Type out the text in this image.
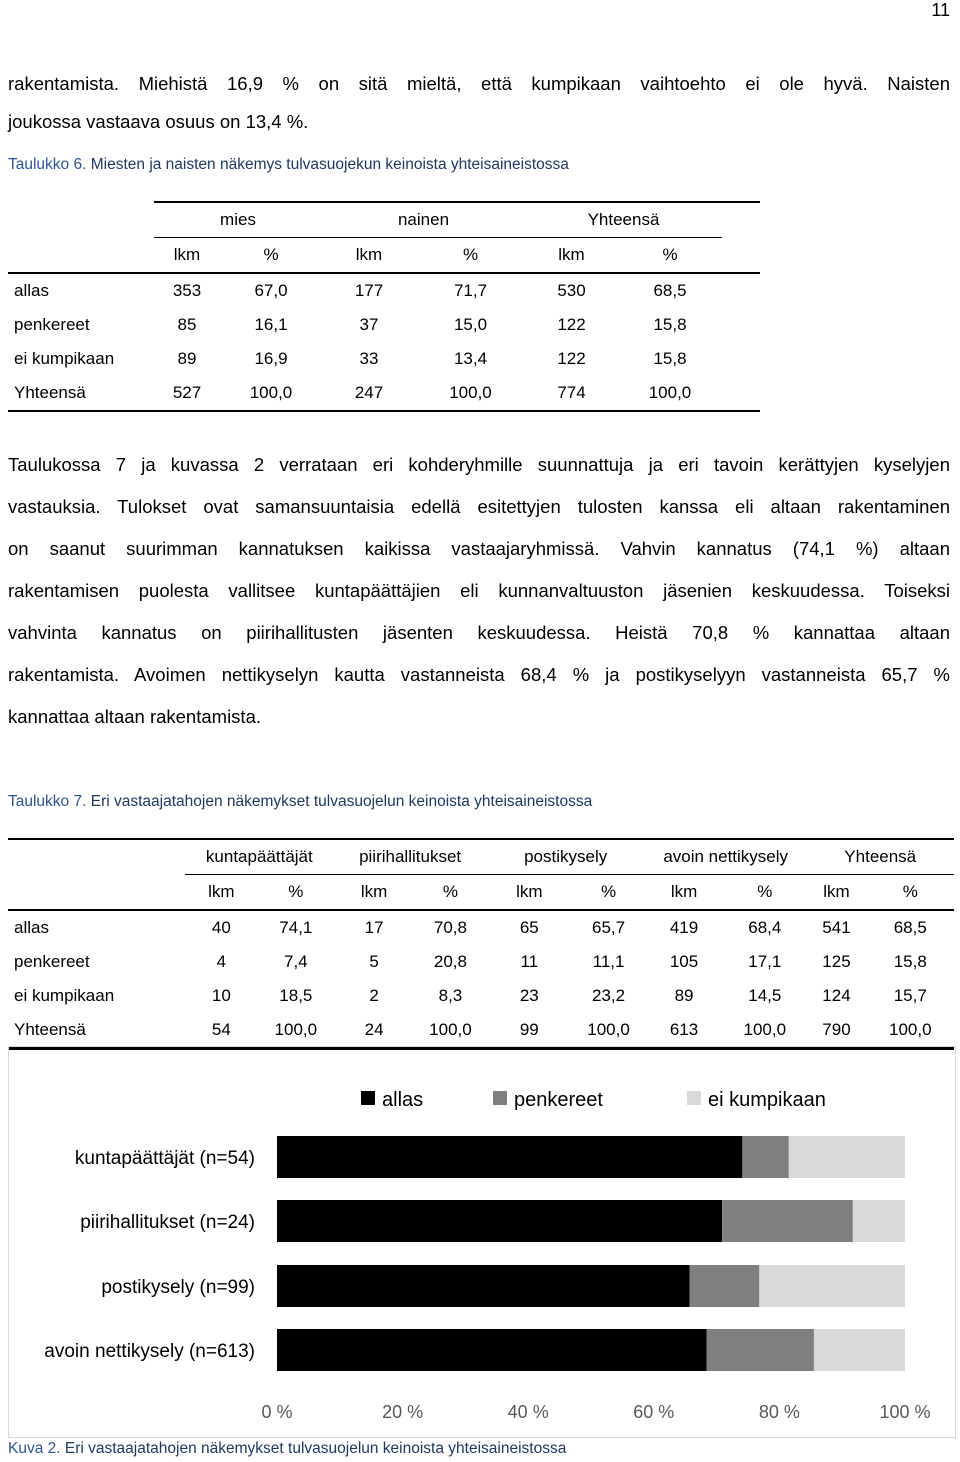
11

rakentamista. Miehistä 16,9 % on sitä mieltä, että kumpikaan vaihtoehto ei ole hyvä. Naisten

joukossa vastaava osuus on 13,4 %.

Taulukko 6. Miesten ja naisten näkemys tulvasuojekun keinoista yhteisaineistossa
	mies		nainen		Yhteensä		
	lkm	%	lkm	%	lkm	%	
allas	353	67,0	177	71,7	530	68,5	
penkereet	85	16,1	37	15,0	122	15,8	
ei kumpikaan	89	16,9	33	13,4	122	15,8	
Yhteensä	527	100,0	247	100,0	774	100,0	

Taulukossa 7 ja kuvassa 2 verrataan eri kohderyhmille suunnattuja ja eri tavoin kerättyjen kyselyjen

vastauksia. Tulokset ovat samansuuntaisia edellä esitettyjen tulosten kanssa eli altaan rakentaminen

on saanut suurimman kannatuksen kaikissa vastaajaryhmissä. Vahvin kannatus (74,1 %) altaan

rakentamisen puolesta vallitsee kuntapäättäjien eli kunnanvaltuuston jäsenien keskuudessa. Toiseksi

vahvinta kannatus on piirihallitusten jäsenten keskuudessa. Heistä 70,8 % kannattaa altaan

rakentamista. Avoimen nettikyselyn kautta vastanneista 68,4 % ja postikyselyyn vastanneista 65,7 %

kannattaa altaan rakentamista.

Taulukko 7. Eri vastaajatahojen näkemykset tulvasuojelun keinoista yhteisaineistossa
		kuntapäättäjät		piirihallitukset		postikysely		avoin nettikysely		Yhteensä	
		lkm	%	lkm	%	lkm	%	lkm	%	lkm	%
allas		40	74,1	17	70,8	65	65,7	419	68,4	541	68,5
penkereet		4	7,4	5	20,8	11	11,1	105	17,1	125	15,8
ei kumpikaan		10	18,5	2	8,3	23	23,2	89	14,5	124	15,7
Yhteensä		54	100,0	24	100,0	99	100,0	613	100,0	790	100,0
allas	penkereet	ei kumpikaan
kuntapäättäjät (n=54)
piirihallitukset (n=24)
postikysely (n=99)
avoin nettikysely (n=613)
0 %	20 %	40 %	60 %	80 %	100 %
Kuva 2. Eri vastaajatahojen näkemykset tulvasuojelun keinoista yhteisaineistossa
